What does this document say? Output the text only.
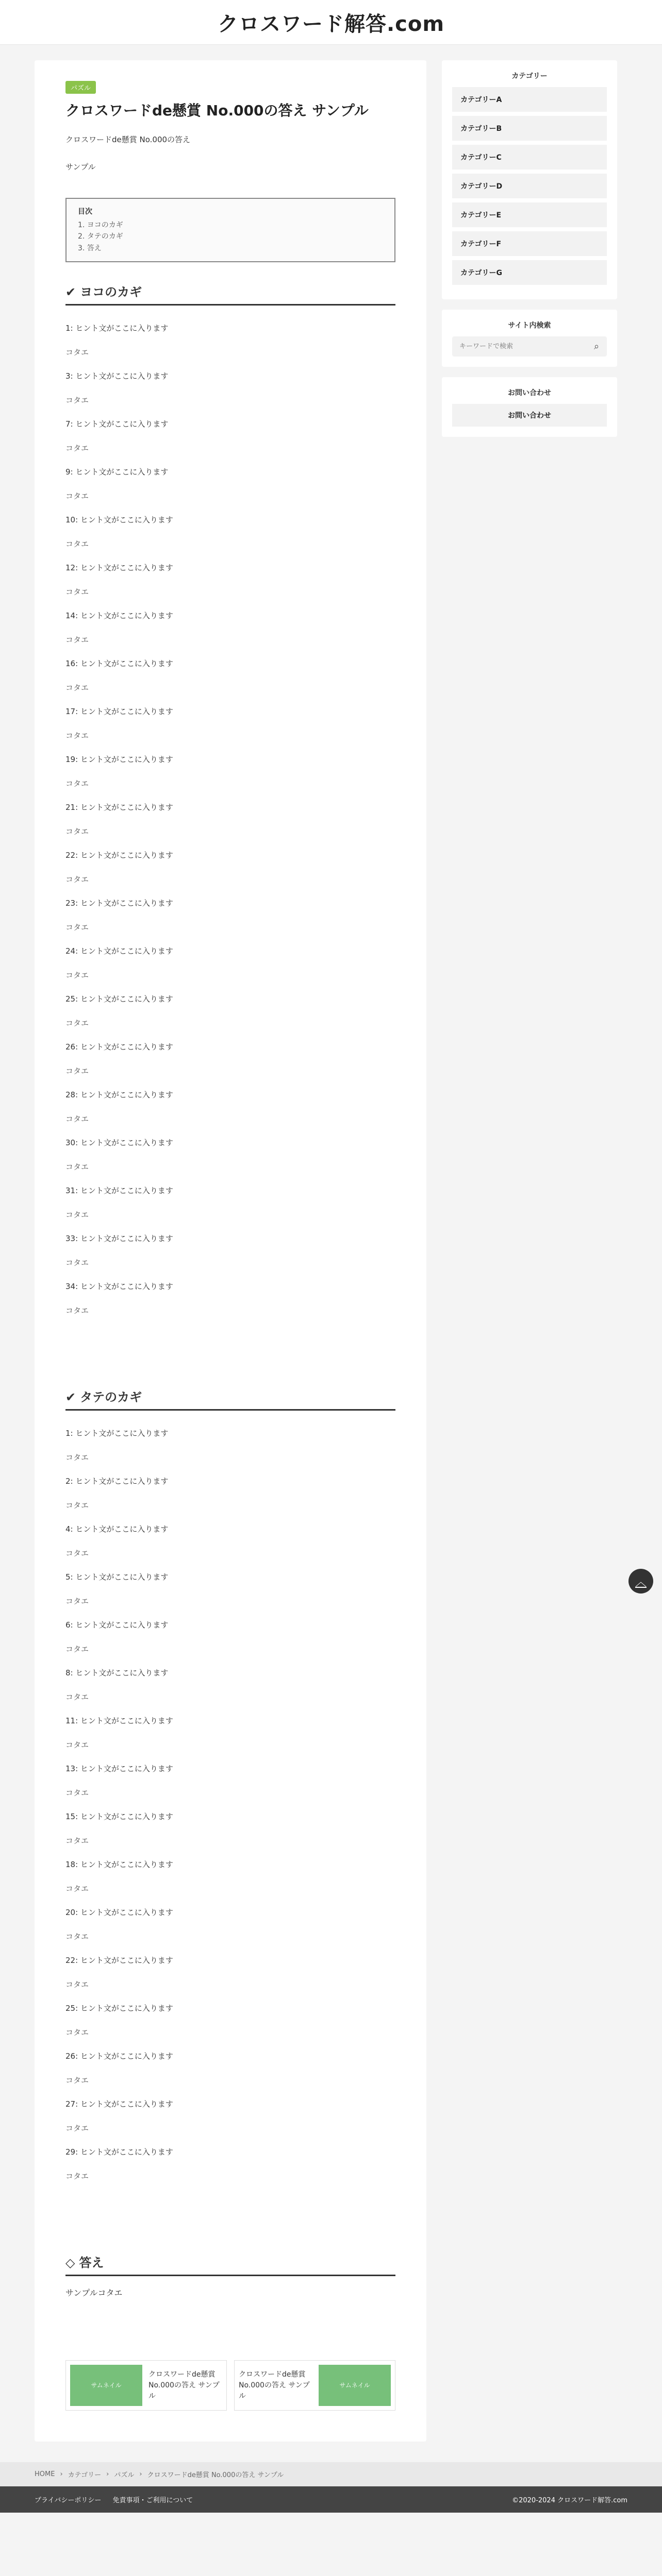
クロスワード解答.com
パズル
クロスワードde懸賞 No.000の答え サンプル

クロスワードde懸賞 No.000の答え

サンプル

目次
1. ヨコのカギ
2. タテのカギ
3. 答え
✔ ヨコのカギ

1: ヒント文がここに入ります

コタエ

3: ヒント文がここに入ります

コタエ

7: ヒント文がここに入ります

コタエ

9: ヒント文がここに入ります

コタエ

10: ヒント文がここに入ります

コタエ

12: ヒント文がここに入ります

コタエ

14: ヒント文がここに入ります

コタエ

16: ヒント文がここに入ります

コタエ

17: ヒント文がここに入ります

コタエ

19: ヒント文がここに入ります

コタエ

21: ヒント文がここに入ります

コタエ

22: ヒント文がここに入ります

コタエ

23: ヒント文がここに入ります

コタエ

24: ヒント文がここに入ります

コタエ

25: ヒント文がここに入ります

コタエ

26: ヒント文がここに入ります

コタエ

28: ヒント文がここに入ります

コタエ

30: ヒント文がここに入ります

コタエ

31: ヒント文がここに入ります

コタエ

33: ヒント文がここに入ります

コタエ

34: ヒント文がここに入ります

コタエ

✔ タテのカギ

1: ヒント文がここに入ります

コタエ

2: ヒント文がここに入ります

コタエ

4: ヒント文がここに入ります

コタエ

5: ヒント文がここに入ります

コタエ

6: ヒント文がここに入ります

コタエ

8: ヒント文がここに入ります

コタエ

11: ヒント文がここに入ります

コタエ

13: ヒント文がここに入ります

コタエ

15: ヒント文がここに入ります

コタエ

18: ヒント文がここに入ります

コタエ

20: ヒント文がここに入ります

コタエ

22: ヒント文がここに入ります

コタエ

25: ヒント文がここに入ります

コタエ

26: ヒント文がここに入ります

コタエ

27: ヒント文がここに入ります

コタエ

29: ヒント文がここに入ります

コタエ

◇ 答え

サンプルコタエ

サムネイル
クロスワードde懸賞 No.000の答え サンプル
クロスワードde懸賞 No.000の答え サンプル
サムネイル
カテゴリー
カテゴリーA
カテゴリーB
カテゴリーC
カテゴリーD
カテゴリーE
カテゴリーF
カテゴリーG
サイト内検索
キーワードで検索
⌕
お問い合わせ
お問い合わせ
︿
HOME › カテゴリー › パズル › クロスワードde懸賞 No.000の答え サンプル
プライバシーポリシー 免責事項・ご利用について	©2020-2024 クロスワード解答.com
